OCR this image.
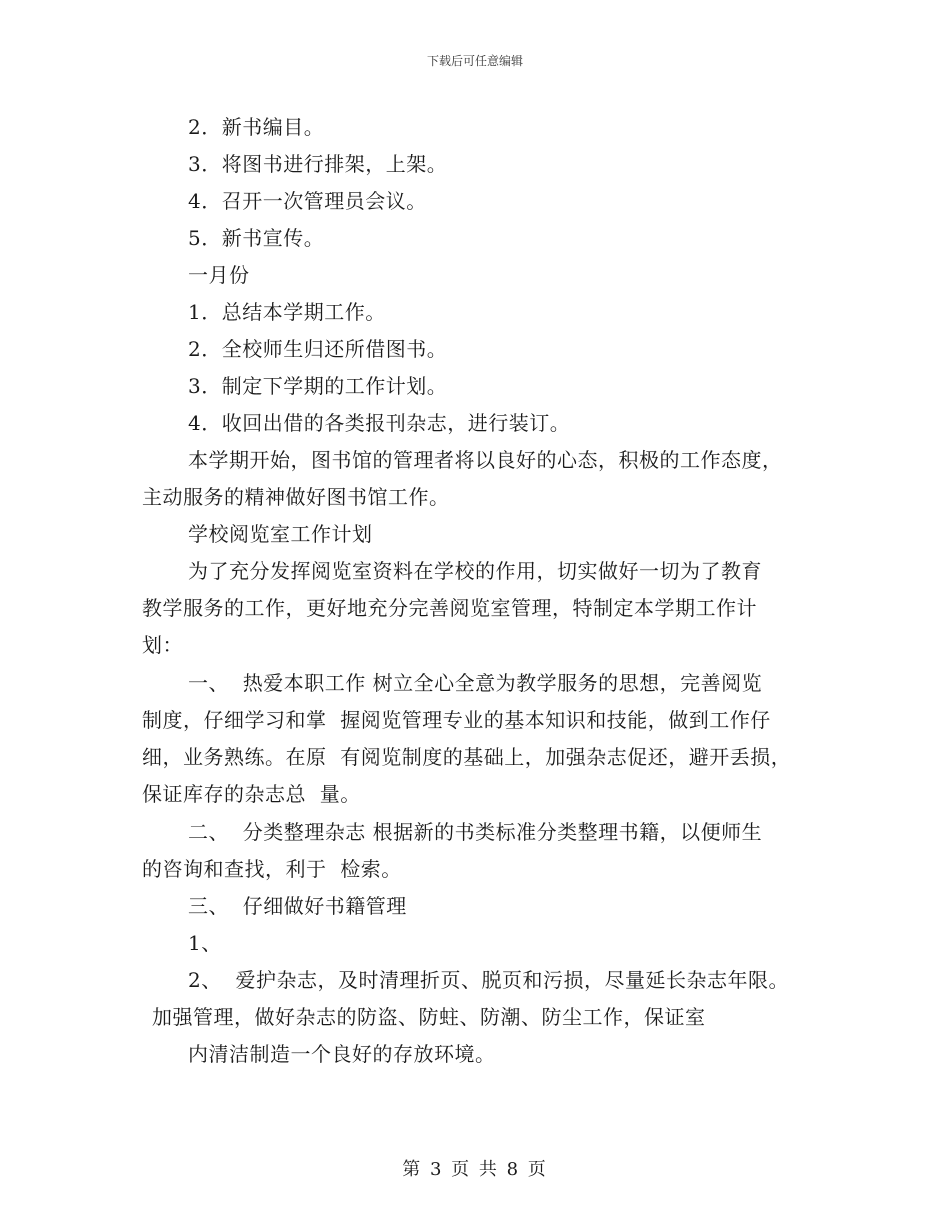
下载后可任意编辑
2．新书编目。
3．将图书进行排架，上架。
4．召开一次管理员会议。
5．新书宣传。
一月份
1．总结本学期工作。
2．全校师生归还所借图书。
3．制定下学期的工作计划。
4．收回出借的各类报刊杂志，进行装订。
本学期开始，图书馆的管理者将以良好的心态，积极的工作态度，
主动服务的精神做好图书馆工作。
学校阅览室工作计划
为了充分发挥阅览室资料在学校的作用，切实做好一切为了教育
教学服务的工作，更好地充分完善阅览室管理，特制定本学期工作计
划：
一、  热爱本职工作 树立全心全意为教学服务的思想，完善阅览
制度，仔细学习和掌  握阅览管理专业的基本知识和技能，做到工作仔
细，业务熟练。在原  有阅览制度的基础上，加强杂志促还，避开丢损，
保证库存的杂志总  量。
二、  分类整理杂志 根据新的书类标准分类整理书籍，以便师生
的咨询和查找，利于  检索。
三、  仔细做好书籍管理
1、
2、  爱护杂志，及时清理折页、脱页和污损，尽量延长杂志年限。
加强管理，做好杂志的防盗、防蛀、防潮、防尘工作，保证室
内清洁制造一个良好的存放环境。
第 3 页 共 8 页
